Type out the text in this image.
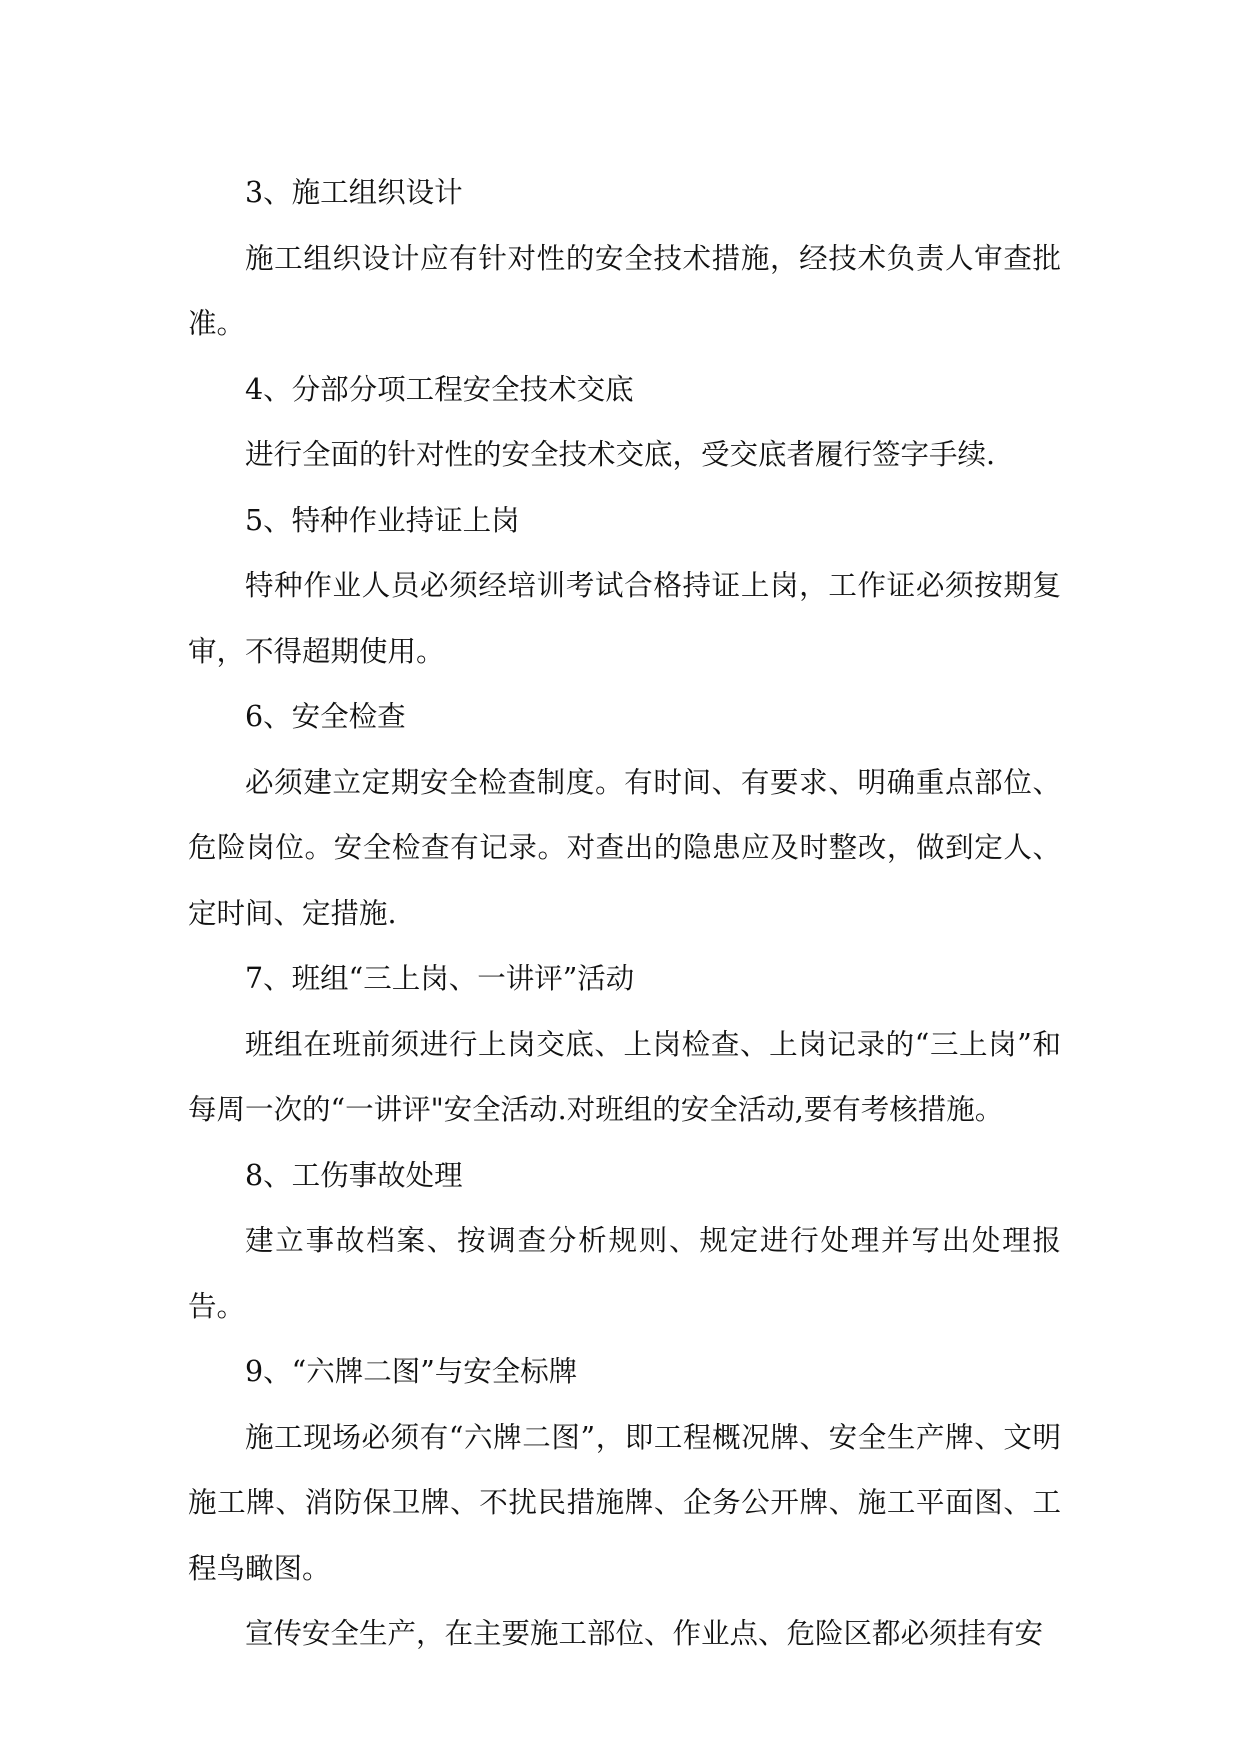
3、施工组织设计

施工组织设计应有针对性的安全技术措施，经技术负责人审查批准。

4、分部分项工程安全技术交底

进行全面的针对性的安全技术交底，受交底者履行签字手续.

5、特种作业持证上岗

特种作业人员必须经培训考试合格持证上岗，工作证必须按期复审，不得超期使用。

6、安全检查

必须建立定期安全检查制度。有时间、有要求、明确重点部位、危险岗位。安全检查有记录。对查出的隐患应及时整改，做到定人、定时间、定措施.

7、班组“三上岗、一讲评”活动

班组在班前须进行上岗交底、上岗检查、上岗记录的“三上岗”和每周一次的“一讲评"安全活动.对班组的安全活动,要有考核措施。

8、工伤事故处理

建立事故档案、按调查分析规则、规定进行处理并写出处理报告。

9、“六牌二图”与安全标牌

施工现场必须有“六牌二图”，即工程概况牌、安全生产牌、文明施工牌、消防保卫牌、不扰民措施牌、企务公开牌、施工平面图、工程鸟瞰图。

宣传安全生产，在主要施工部位、作业点、危险区都必须挂有安
